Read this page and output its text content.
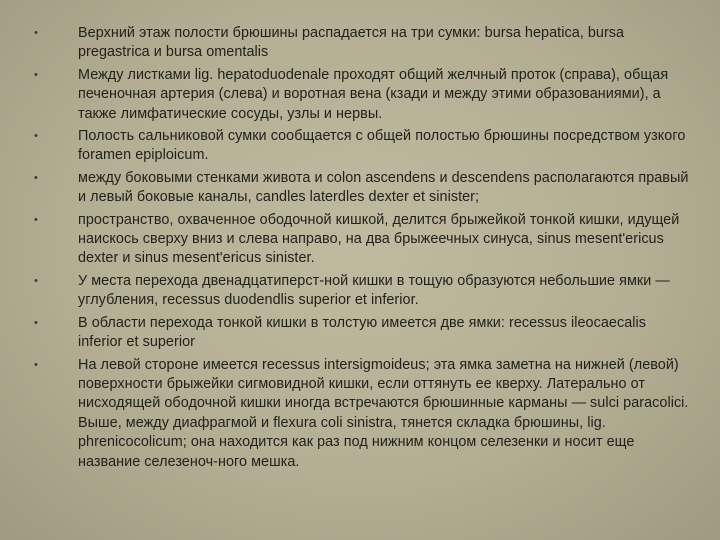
•	Верхний этаж полости брюшины распадается на три сумки: bursa hepatica, bursa pregastrica и bursa omentalis
•	Между листками lig. hepatoduodenale проходят общий желчный проток (справа), общая печеночная артерия (слева) и воротная вена (кзади и между этими образованиями), а также лимфатические сосуды, узлы и нервы.
•	Полость сальниковой сумки сообщается с общей полостью брюшины посредством узкого foramen epiploicum.
•	между боковыми стенками живота и colon ascendens и descendens располагаются правый и левый боковые каналы, candles laterdles dexter et sinister;
•	пространство, охваченное ободочной кишкой, делится брыжейкой тонкой кишки, идущей наискось сверху вниз и слева направо, на два брыжеечных синуса, sinus mesent'ericus dexter и sinus mesent'ericus sinister.
•	У места перехода двенадцатиперст-ной кишки в тощую образуются небольшие ямки — углубления, recessus duodendlis superior et inferior.
•	В области перехода тонкой кишки в толстую имеется две ямки: recessus ileocaecalis inferior et superior
•	На левой стороне имеется recessus intersigmoideus; эта ямка заметна на нижней (левой) поверхности брыжейки сигмовидной кишки, если оттянуть ее кверху. Латерально от нисходящей ободочной кишки иногда встречаются брюшинные карманы — sulci paracolici. Выше, между диафрагмой и flexura coli sinistra, тянется складка брюшины, lig. phrenicocolicum; она находится как раз под нижним концом селезенки и носит еще название селезеноч-ного мешка.
